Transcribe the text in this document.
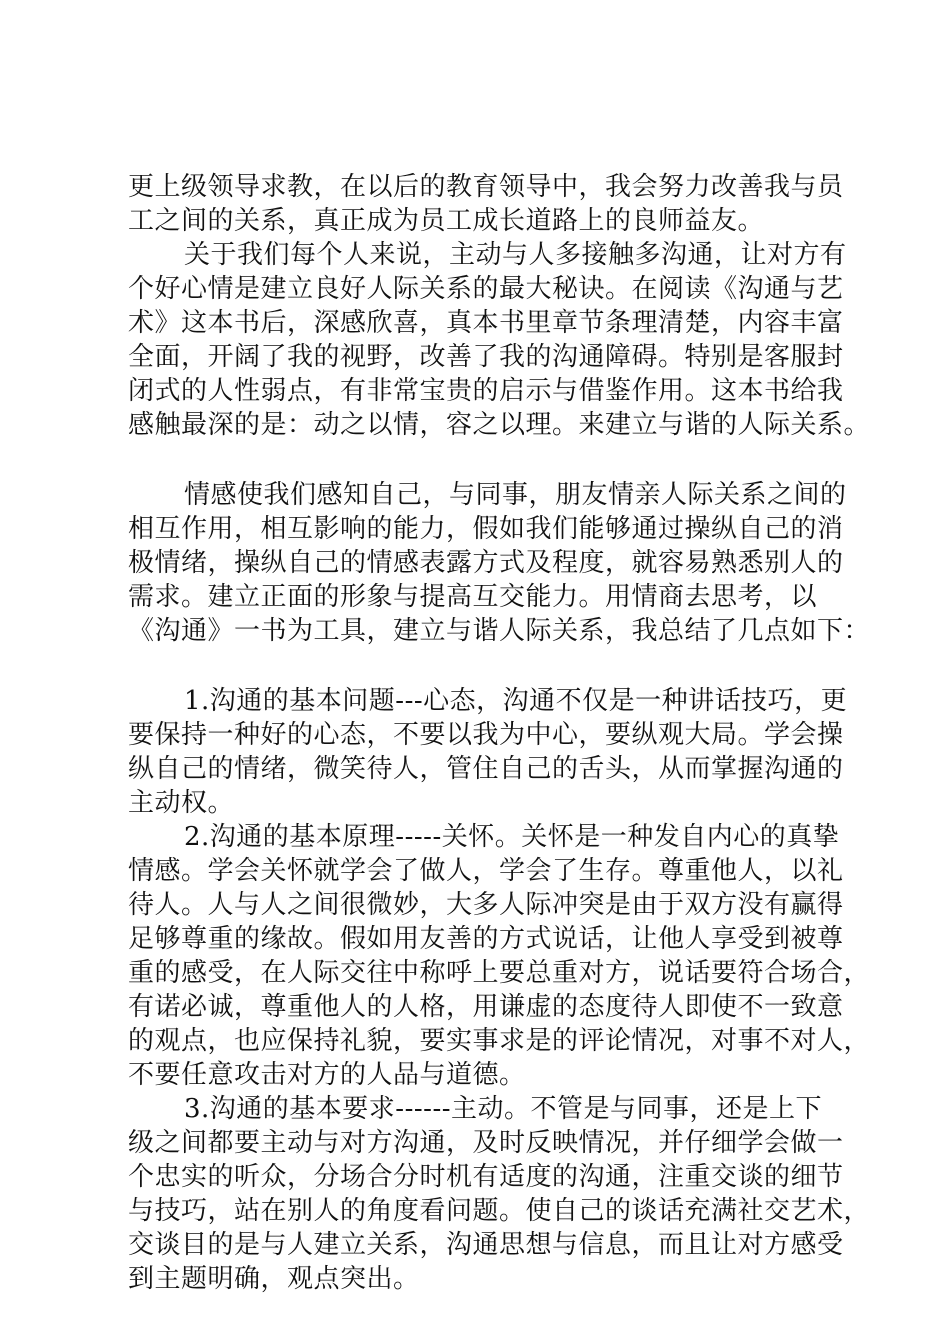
更上级领导求教，在以后的教育领导中，我会努力改善我与员
工之间的关系，真正成为员工成长道路上的良师益友。
关于我们每个人来说，主动与人多接触多沟通，让对方有
个好心情是建立良好人际关系的最大秘诀。在阅读《沟通与艺
术》这本书后，深感欣喜，真本书里章节条理清楚，内容丰富
全面，开阔了我的视野，改善了我的沟通障碍。特别是客服封
闭式的人性弱点，有非常宝贵的启示与借鉴作用。这本书给我
感触最深的是：动之以情，容之以理。来建立与谐的人际关系。
情感使我们感知自己，与同事，朋友情亲人际关系之间的
相互作用，相互影响的能力，假如我们能够通过操纵自己的消
极情绪，操纵自己的情感表露方式及程度，就容易熟悉别人的
需求。建立正面的形象与提高互交能力。用情商去思考，以
《沟通》一书为工具，建立与谐人际关系，我总结了几点如下：
1.沟通的基本问题---心态，沟通不仅是一种讲话技巧，更
要保持一种好的心态，不要以我为中心，要纵观大局。学会操
纵自己的情绪，微笑待人，管住自己的舌头，从而掌握沟通的
主动权。
2.沟通的基本原理-----关怀。关怀是一种发自内心的真挚
情感。学会关怀就学会了做人，学会了生存。尊重他人，以礼
待人。人与人之间很微妙，大多人际冲突是由于双方没有赢得
足够尊重的缘故。假如用友善的方式说话，让他人享受到被尊
重的感受，在人际交往中称呼上要总重对方，说话要符合场合，
有诺必诚，尊重他人的人格，用谦虚的态度待人即使不一致意
的观点，也应保持礼貌，要实事求是的评论情况，对事不对人，
不要任意攻击对方的人品与道德。
3.沟通的基本要求------主动。不管是与同事，还是上下
级之间都要主动与对方沟通，及时反映情况，并仔细学会做一
个忠实的听众，分场合分时机有适度的沟通，注重交谈的细节
与技巧，站在别人的角度看问题。使自己的谈话充满社交艺术，
交谈目的是与人建立关系，沟通思想与信息，而且让对方感受
到主题明确，观点突出。
